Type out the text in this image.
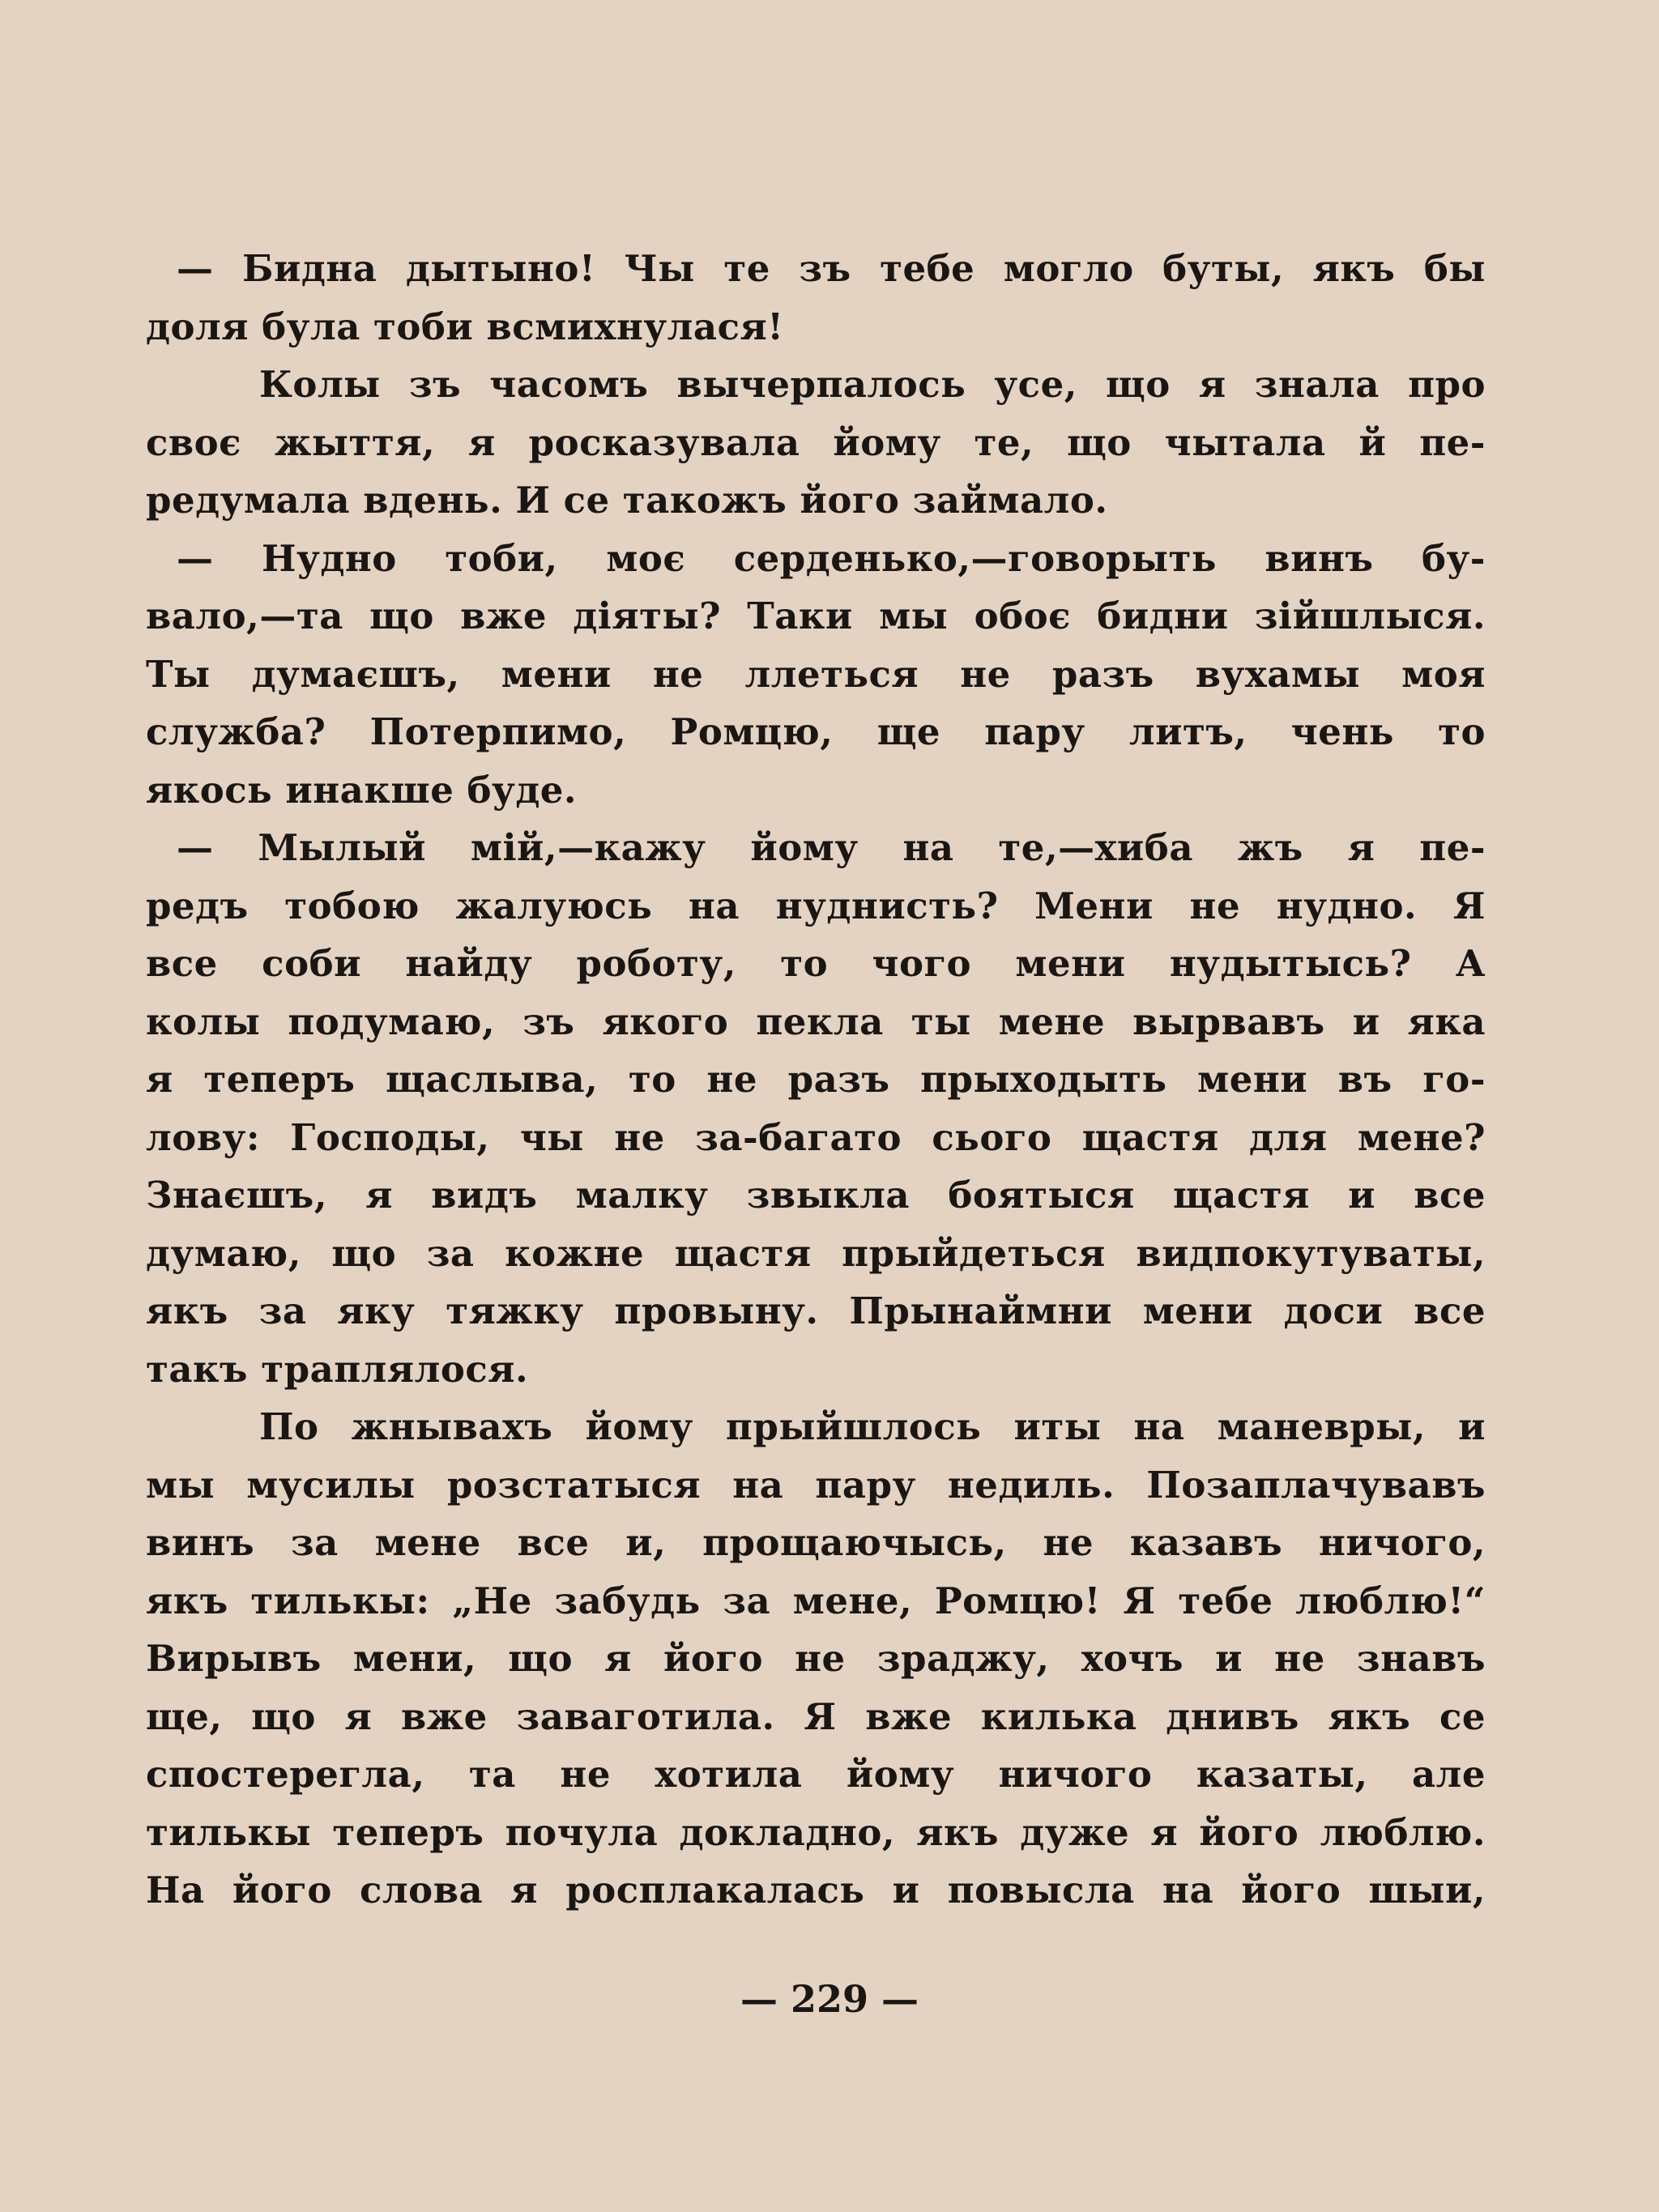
— Бидна дытыно! Чы те зъ тебе могло буты, якъ бы
доля була тоби всмихнулася!

Колы зъ часомъ вычерпалось усе, що я знала про
своє жыття, я росказувала йому те, що чытала й пе-
редумала вдень. И се такожъ його займало.

— Нудно тоби, моє серденько,—говорыть винъ бу-
вало,—та що вже діяты? Таки мы обоє бидни зійшлыся.
Ты думаєшъ, мени не ллеться не разъ вухамы моя
служба? Потерпимо, Ромцю, ще пару литъ, чень то
якось инакше буде.

— Мылый мій,—кажу йому на те,—хиба жъ я пе-
редъ тобою жалуюсь на нуднисть? Мени не нудно. Я
все соби найду роботу, то чого мени нудытысь? А
колы подумаю, зъ якого пекла ты мене вырвавъ и яка
я теперъ щаслыва, то не разъ прыходыть мени въ го-
лову: Господы, чы не за-багато сього щастя для мене?
Знаєшъ, я видъ малку звыкла боятыся щастя и все
думаю, що за кожне щастя прыйдеться видпокутуваты,
якъ за яку тяжку провыну. Прынаймни мени доси все
такъ траплялося.

По жнывахъ йому прыйшлось иты на маневры, и
мы мусилы розстатыся на пару недиль. Позаплачувавъ
винъ за мене все и, прощаючысь, не казавъ ничого,
якъ тилькы: „Не забудь за мене, Ромцю! Я тебе люблю!“
Вирывъ мени, що я його не зраджу, хочъ и не знавъ
ще, що я вже заваготила. Я вже килька днивъ якъ се
спостерегла, та не хотила йому ничого казаты, але
тилькы теперъ почула докладно, якъ дуже я його люблю.
На його слова я росплакалась и повысла на його шыи,

— 229 —
